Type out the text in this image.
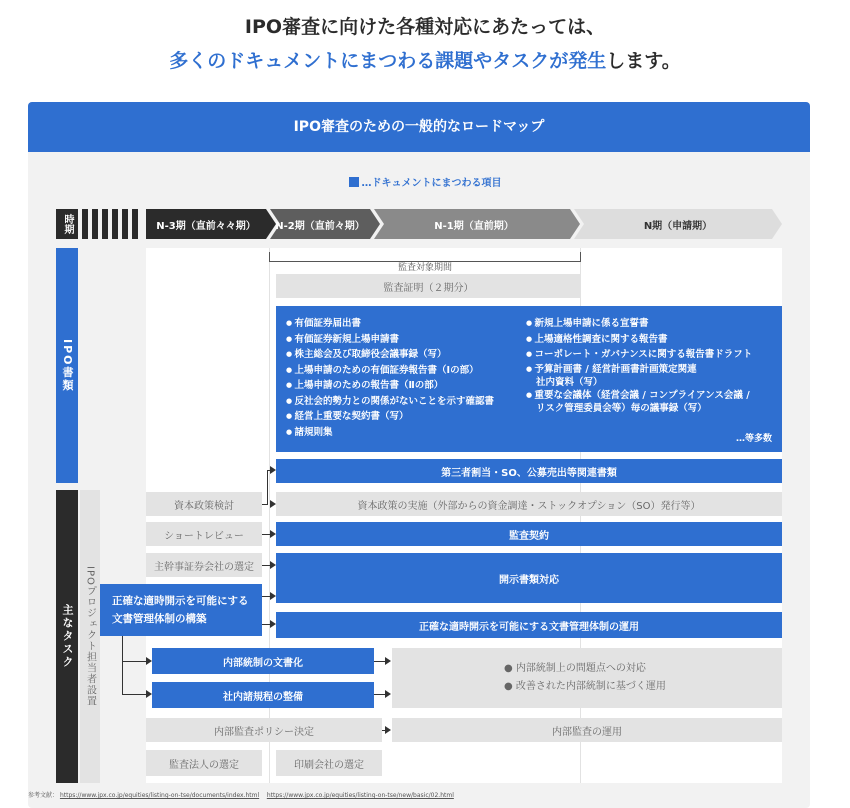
IPO審査に向けた各種対応にあたっては、
多くのドキュメントにまつわる課題やタスクが発生します。
IPO審査のための一般的なロードマップ
…ドキュメントにまつわる項目
時期	N-3期（直前々々期）	N-2期（直前々期）	N-1期（直前期）	N期（申請期）
IPO書類
主なタスク	IPOプロジェクト担当者設置
監査対象期間
監査証明（２期分）
● 有価証券届出書
● 有価証券新規上場申請書
● 株主総会及び取締役会議事録（写）
● 上場申請のための有価証券報告書（Ⅰの部）
● 上場申請のための報告書（Ⅱの部）
● 反社会的勢力との関係がないことを示す確認書
● 経営上重要な契約書（写）
● 諸規則集
● 新規上場申請に係る宣誓書
● 上場適格性調査に関する報告書
● コーポレート・ガバナンスに関する報告書ドラフト
● 予算計画書 / 経営計画書計画策定関連
社内資料（写）
● 重要な会議体（経営会議 / コンプライアンス会議 /
リスク管理委員会等）毎の議事録（写）
…等多数
第三者割当・SO、公募売出等関連書類
資本政策検討	資本政策の実施（外部からの資金調達・ストックオプション（SO）発行等）
ショートレビュー	監査契約
主幹事証券会社の選定
開示書類対応
正確な適時開示を可能にする文書管理体制の構築
正確な適時開示を可能にする文書管理体制の運用
内部統制の文書化
社内諸規程の整備
● 内部統制上の問題点への対応
● 改善された内部統制に基づく運用
内部監査ポリシー決定	内部監査の運用
監査法人の選定	印刷会社の選定
参考文献： https://www.jpx.co.jp/equities/listing-on-tse/documents/index.html https://www.jpx.co.jp/equities/listing-on-tse/new/basic/02.html
